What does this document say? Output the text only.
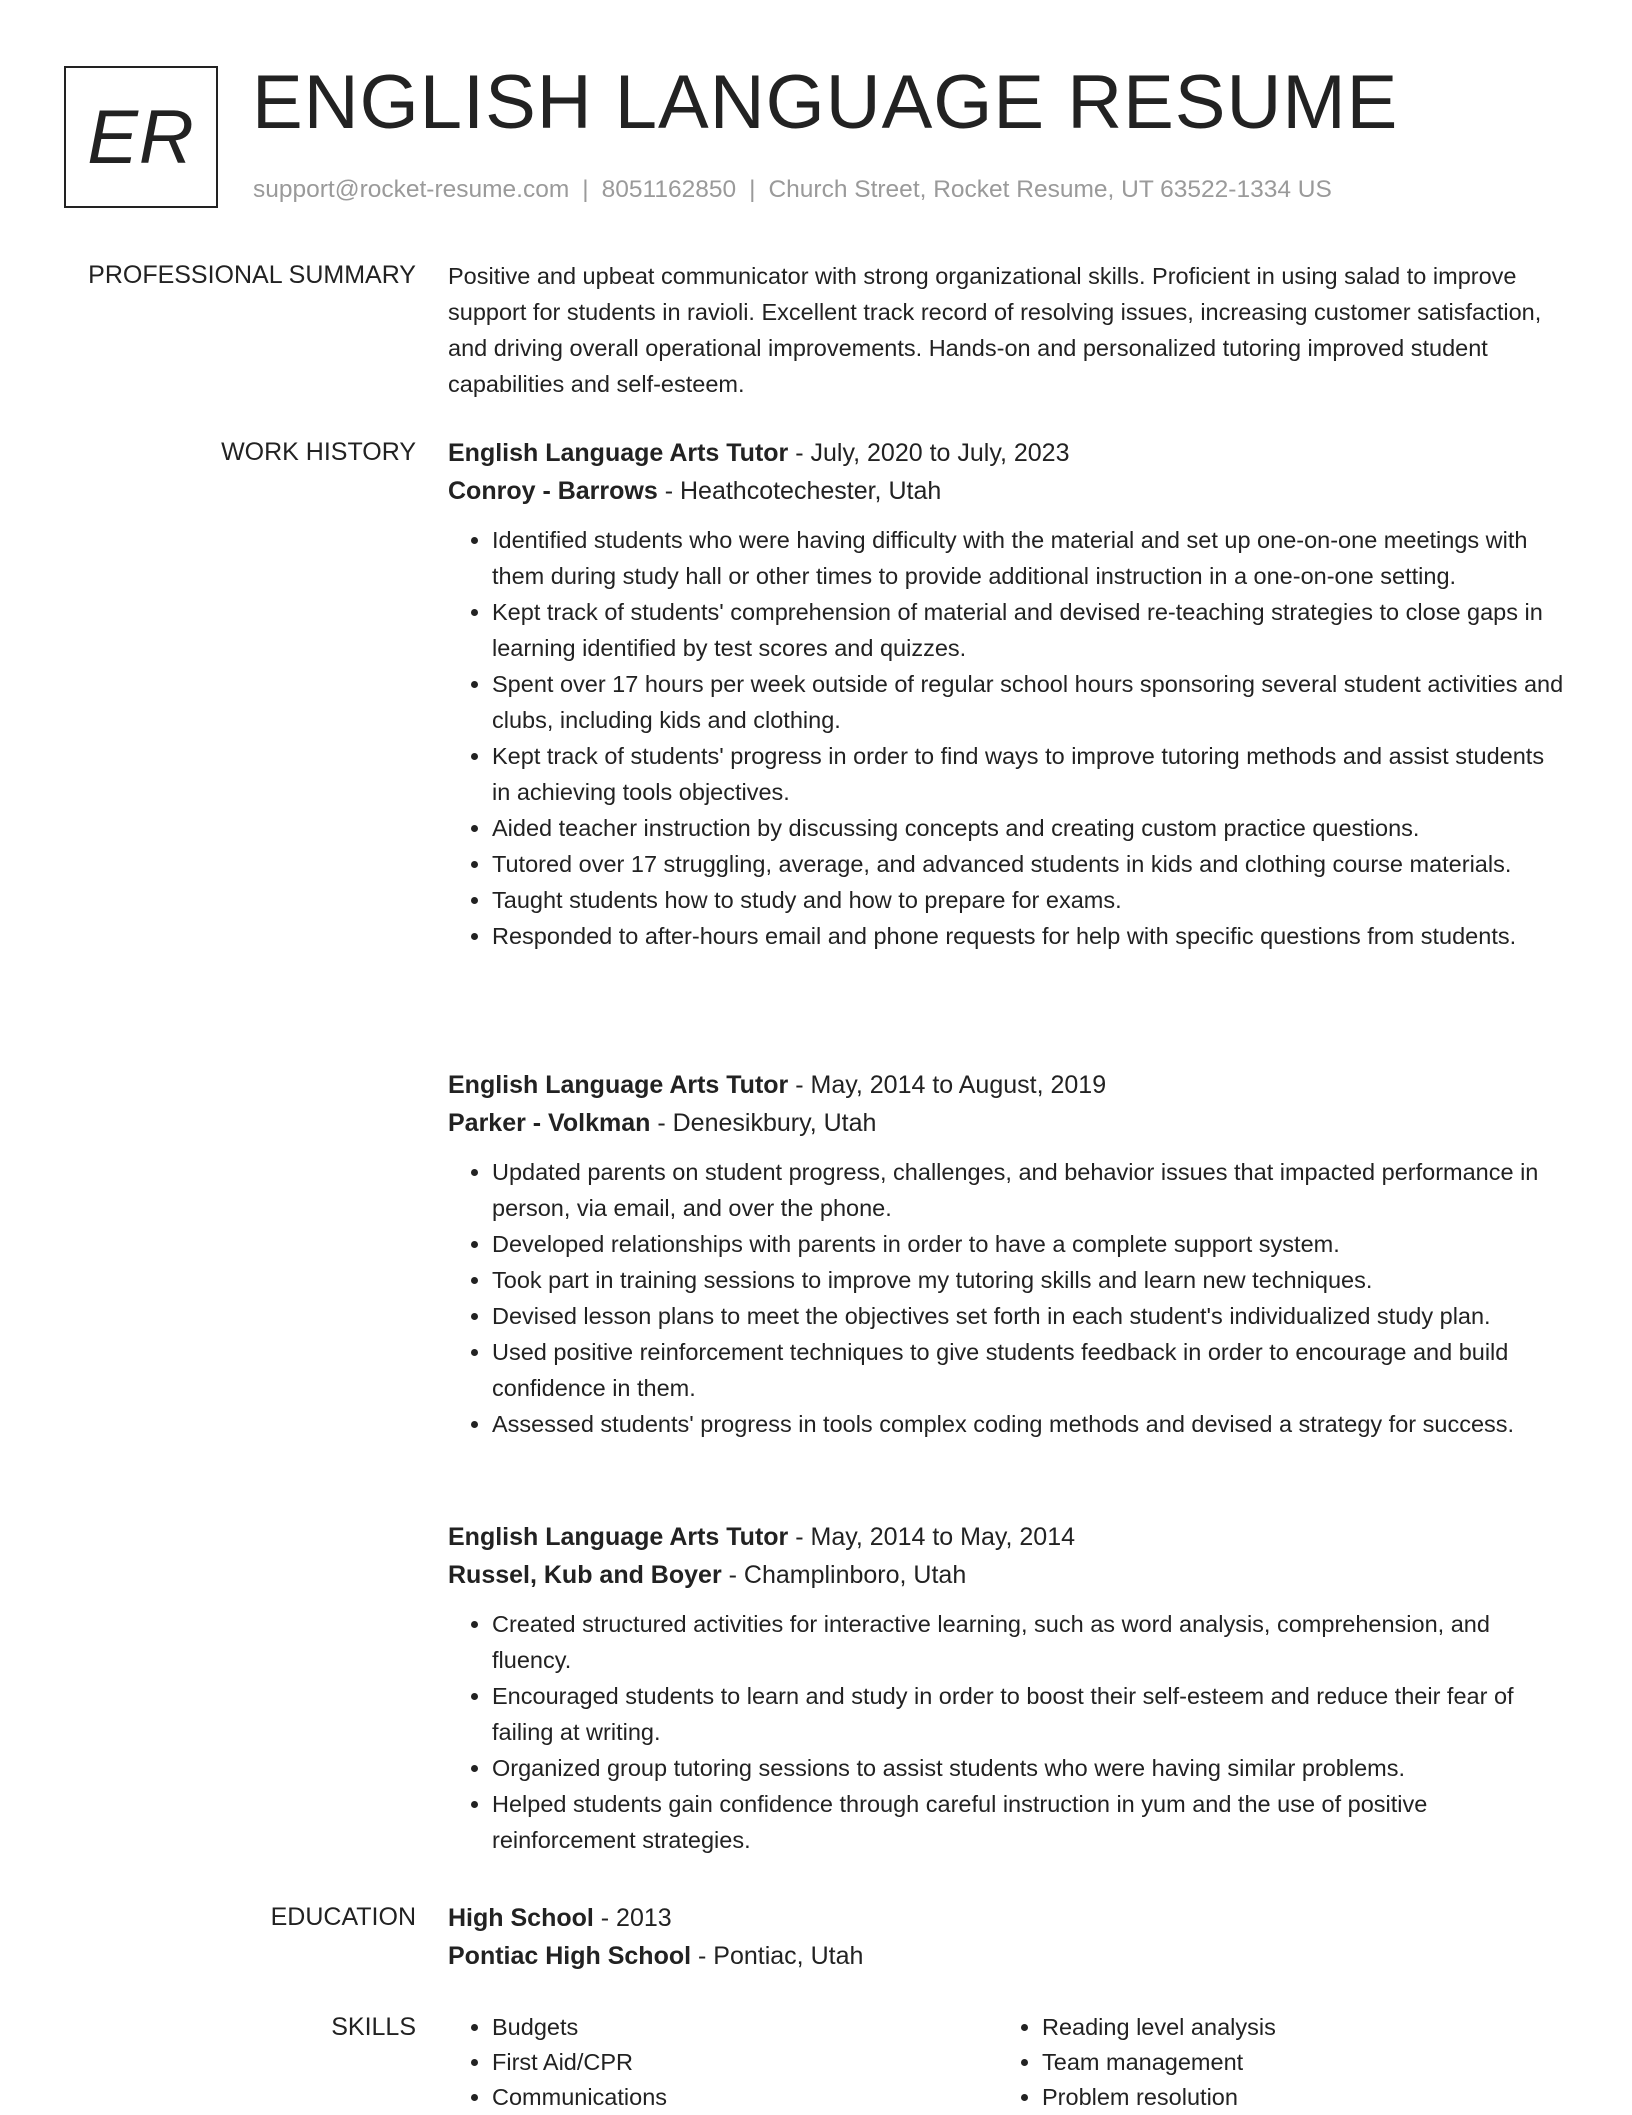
ER ENGLISH LANGUAGE RESUME
support@rocket-resume.com | 8051162850 | Church Street, Rocket Resume, UT 63522-1334 US
PROFESSIONAL SUMMARY Positive and upbeat communicator with strong organizational skills. Proficient in using salad to improve support for students in ravioli. Excellent track record of resolving issues, increasing customer satisfaction, and driving overall operational improvements. Hands-on and personalized tutoring improved student capabilities and self-esteem.

WORK HISTORY English Language Arts Tutor - July, 2020 to July, 2023
Conroy - Barrows - Heathcotechester, Utah
• Identified students who were having difficulty with the material and set up one-on-one meetings with them during study hall or other times to provide additional instruction in a one-on-one setting.
• Kept track of students' comprehension of material and devised re-teaching strategies to close gaps in learning identified by test scores and quizzes.
• Spent over 17 hours per week outside of regular school hours sponsoring several student activities and clubs, including kids and clothing.
• Kept track of students' progress in order to find ways to improve tutoring methods and assist students in achieving tools objectives.
• Aided teacher instruction by discussing concepts and creating custom practice questions.
• Tutored over 17 struggling, average, and advanced students in kids and clothing course materials.
• Taught students how to study and how to prepare for exams.
• Responded to after-hours email and phone requests for help with specific questions from students.
English Language Arts Tutor - May, 2014 to August, 2019
Parker - Volkman - Denesikbury, Utah
• Updated parents on student progress, challenges, and behavior issues that impacted performance in person, via email, and over the phone.
• Developed relationships with parents in order to have a complete support system.
• Took part in training sessions to improve my tutoring skills and learn new techniques.
• Devised lesson plans to meet the objectives set forth in each student's individualized study plan.
• Used positive reinforcement techniques to give students feedback in order to encourage and build confidence in them.
• Assessed students' progress in tools complex coding methods and devised a strategy for success.
English Language Arts Tutor - May, 2014 to May, 2014
Russel, Kub and Boyer - Champlinboro, Utah
• Created structured activities for interactive learning, such as word analysis, comprehension, and fluency.
• Encouraged students to learn and study in order to boost their self-esteem and reduce their fear of failing at writing.
• Organized group tutoring sessions to assist students who were having similar problems.
• Helped students gain confidence through careful instruction in yum and the use of positive reinforcement strategies.
EDUCATION High School - 2013
Pontiac High School - Pontiac, Utah
SKILLS
•	Budgets
• First Aid/CPR
• Communications
• Reading level analysis
• Team management
• Problem resolution
